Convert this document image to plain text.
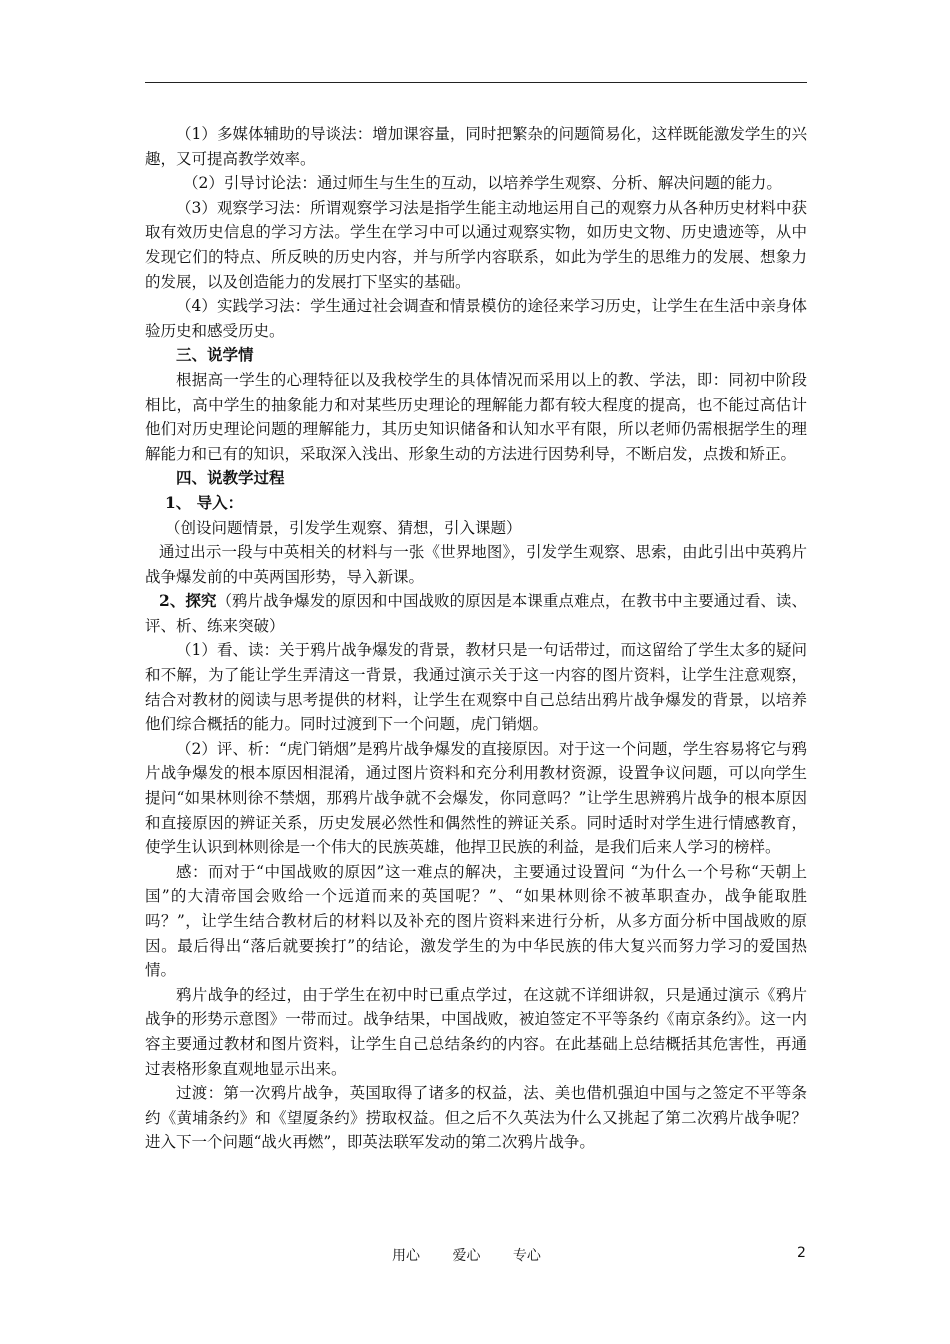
（1）多媒体辅助的导谈法：增加课容量，同时把繁杂的问题简易化，这样既能激发学生的兴趣，又可提高教学效率。

（2）引导讨论法：通过师生与生生的互动，以培养学生观察、分析、解决问题的能力。

（3）观察学习法：所谓观察学习法是指学生能主动地运用自己的观察力从各种历史材料中获取有效历史信息的学习方法。学生在学习中可以通过观察实物，如历史文物、历史遗迹等，从中发现它们的特点、所反映的历史内容，并与所学内容联系，如此为学生的思维力的发展、想象力的发展，以及创造能力的发展打下坚实的基础。

（4）实践学习法：学生通过社会调查和情景模仿的途径来学习历史，让学生在生活中亲身体验历史和感受历史。

三、说学情

根据高一学生的心理特征以及我校学生的具体情况而采用以上的教、学法，即：同初中阶段相比，高中学生的抽象能力和对某些历史理论的理解能力都有较大程度的提高，也不能过高估计他们对历史理论问题的理解能力，其历史知识储备和认知水平有限，所以老师仍需根据学生的理解能力和已有的知识，采取深入浅出、形象生动的方法进行因势利导，不断启发，点拨和矫正。

四、说教学过程

1、 导入：

（创设问题情景，引发学生观察、猜想，引入课题）

通过出示一段与中英相关的材料与一张《世界地图》，引发学生观察、思索，由此引出中英鸦片战争爆发前的中英两国形势，导入新课。

2、探究（鸦片战争爆发的原因和中国战败的原因是本课重点难点，在教书中主要通过看、读、评、析、练来突破）

（1）看、读：关于鸦片战争爆发的背景，教材只是一句话带过，而这留给了学生太多的疑问和不解，为了能让学生弄清这一背景，我通过演示关于这一内容的图片资料，让学生注意观察，结合对教材的阅读与思考提供的材料，让学生在观察中自己总结出鸦片战争爆发的背景，以培养他们综合概括的能力。同时过渡到下一个问题，虎门销烟。

（2）评、析：“虎门销烟”是鸦片战争爆发的直接原因。对于这一个问题，学生容易将它与鸦片战争爆发的根本原因相混淆，通过图片资料和充分利用教材资源，设置争议问题，可以向学生提问“如果林则徐不禁烟，那鸦片战争就不会爆发，你同意吗？”让学生思辨鸦片战争的根本原因和直接原因的辨证关系，历史发展必然性和偶然性的辨证关系。同时适时对学生进行情感教育，使学生认识到林则徐是一个伟大的民族英雄，他捍卫民族的利益，是我们后来人学习的榜样。

感：而对于“中国战败的原因”这一难点的解决，主要通过设置问 “为什么一个号称“天朝上国”的大清帝国会败给一个远道而来的英国呢？”、“如果林则徐不被革职查办，战争能取胜吗？”，让学生结合教材后的材料以及补充的图片资料来进行分析，从多方面分析中国战败的原因。最后得出“落后就要挨打”的结论，激发学生的为中华民族的伟大复兴而努力学习的爱国热情。

鸦片战争的经过，由于学生在初中时已重点学过，在这就不详细讲叙，只是通过演示《鸦片战争的形势示意图》一带而过。战争结果，中国战败，被迫签定不平等条约《南京条约》。这一内容主要通过教材和图片资料，让学生自己总结条约的内容。在此基础上总结概括其危害性，再通过表格形象直观地显示出来。

过渡：第一次鸦片战争，英国取得了诸多的权益，法、美也借机强迫中国与之签定不平等条约《黄埔条约》和《望厦条约》捞取权益。但之后不久英法为什么又挑起了第二次鸦片战争呢？进入下一个问题“战火再燃”，即英法联军发动的第二次鸦片战争。

用心 爱心 专心	2
